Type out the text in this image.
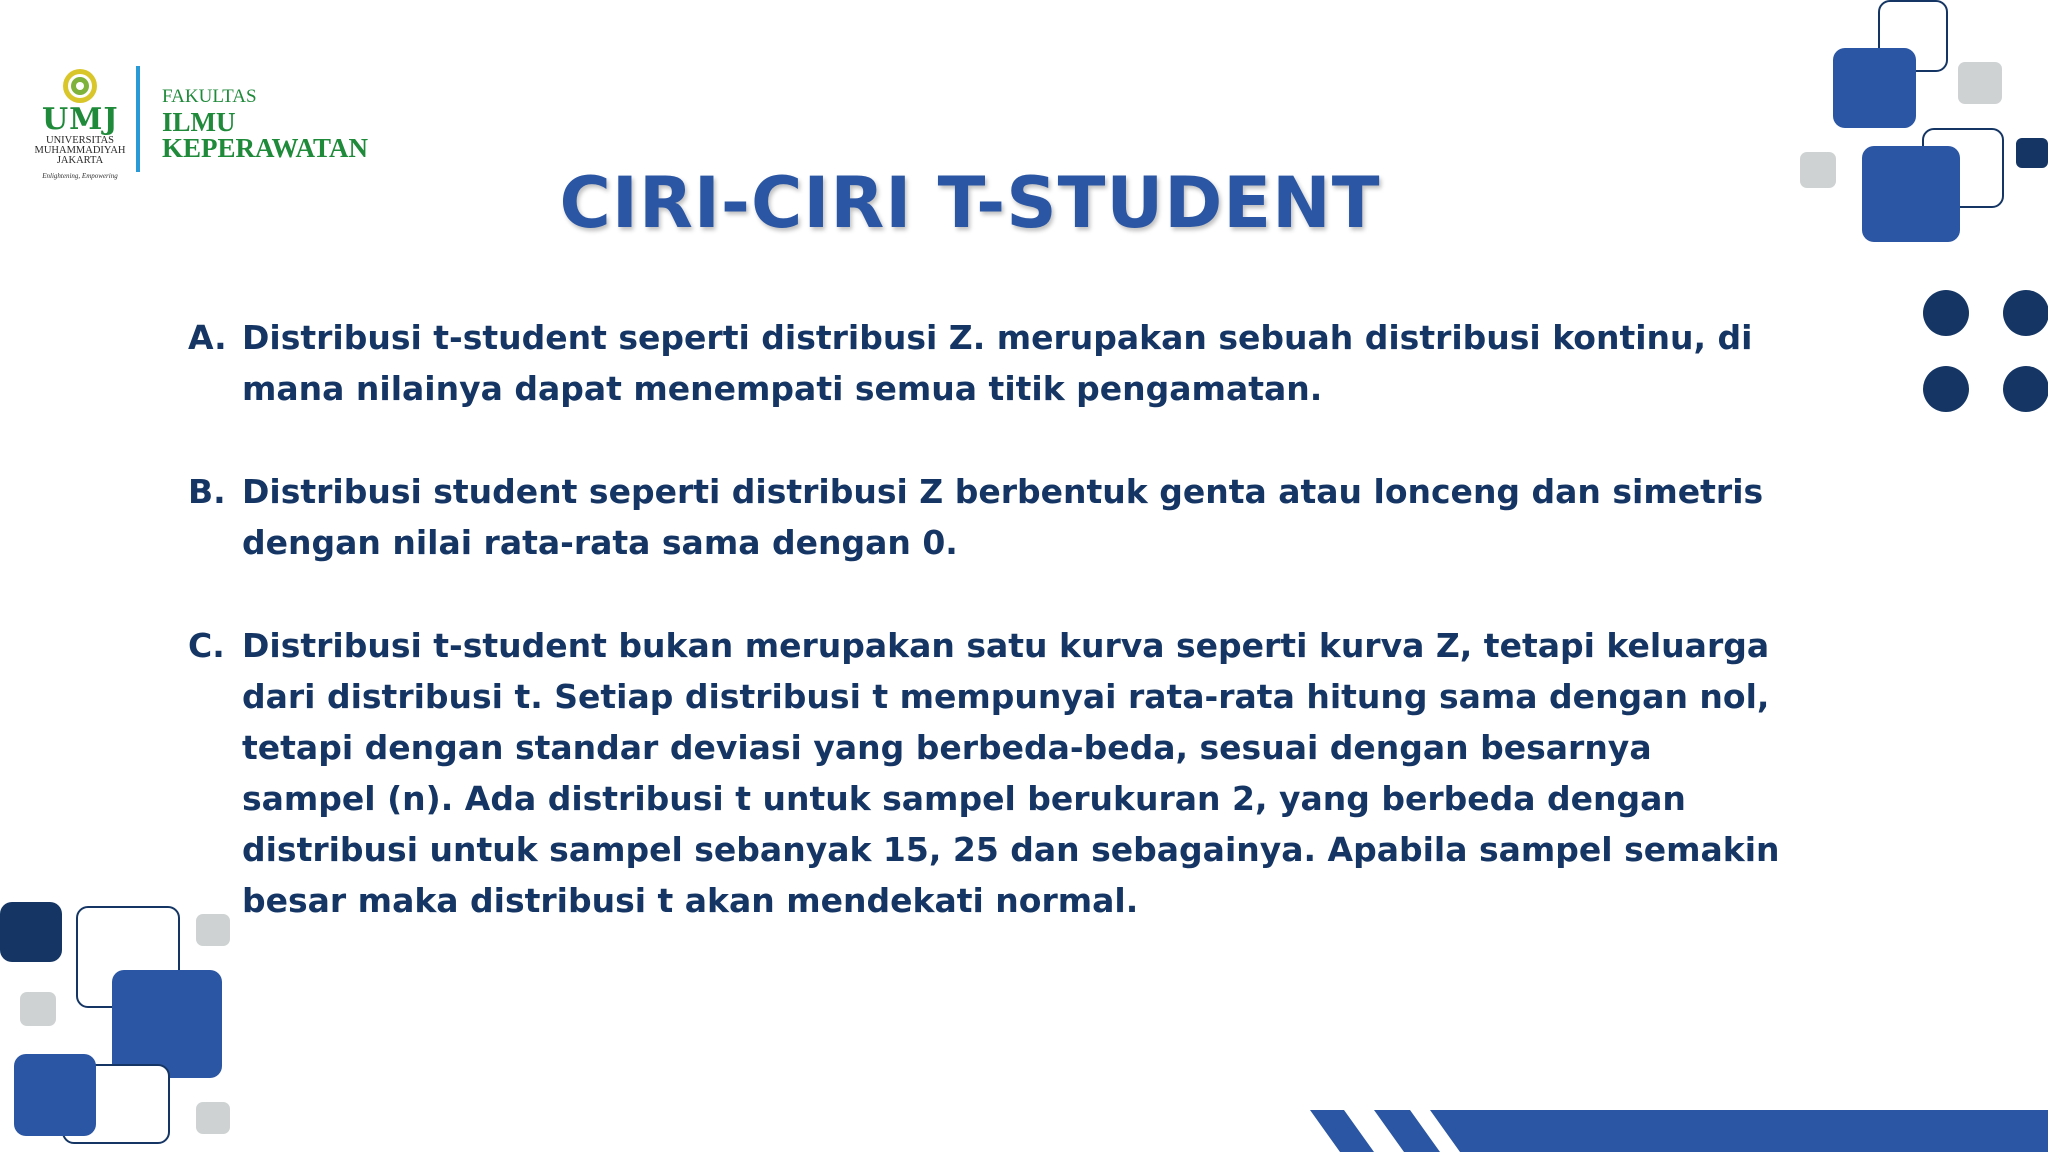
UMJ
UNIVERSITAS
MUHAMMADIYAH
JAKARTA
Enlightening, Empowering
FAKULTAS
ILMU
KEPERAWATAN
CIRI-CIRI T-STUDENT
A. Distribusi t-student seperti distribusi Z. merupakan sebuah distribusi kontinu, di mana nilainya dapat menempati semua titik pengamatan.
B. Distribusi student seperti distribusi Z berbentuk genta atau lonceng dan simetris dengan nilai rata-rata sama dengan 0.
C. Distribusi t-student bukan merupakan satu kurva seperti kurva Z, tetapi keluarga dari distribusi t. Setiap distribusi t mempunyai rata-rata hitung sama dengan nol, tetapi dengan standar deviasi yang berbeda-beda, sesuai dengan besarnya sampel (n). Ada distribusi t untuk sampel berukuran 2, yang berbeda dengan distribusi untuk sampel sebanyak 15, 25 dan sebagainya. Apabila sampel semakin besar maka distribusi t akan mendekati normal.
